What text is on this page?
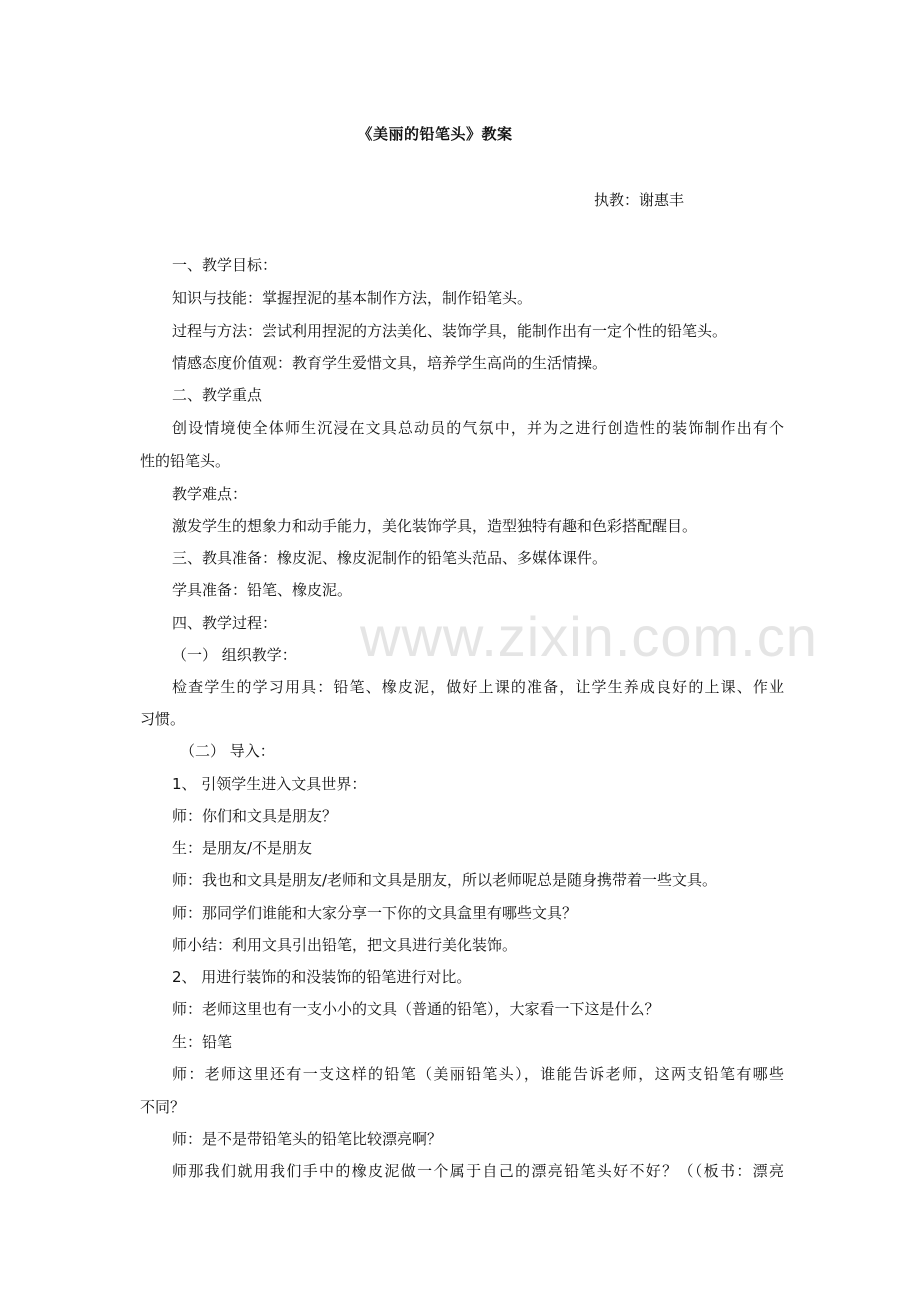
《美丽的铅笔头》教案
执教：谢惠丰
一、教学目标：
知识与技能：掌握捏泥的基本制作方法，制作铅笔头。
过程与方法：尝试利用捏泥的方法美化、装饰学具，能制作出有一定个性的铅笔头。
情感态度价值观：教育学生爱惜文具，培养学生高尚的生活情操。
二、教学重点
创设情境使全体师生沉浸在文具总动员的气氛中，并为之进行创造性的装饰制作出有个
性的铅笔头。
教学难点：
激发学生的想象力和动手能力，美化装饰学具，造型独特有趣和色彩搭配醒目。
三、教具准备：橡皮泥、橡皮泥制作的铅笔头范品、多媒体课件。
学具准备：铅笔、橡皮泥。
四、教学过程：
（一） 组织教学：
检查学生的学习用具：铅笔、橡皮泥，做好上课的准备，让学生养成良好的上课、作业
习惯。
（二） 导入：
1、 引领学生进入文具世界：
师：你们和文具是朋友？
生：是朋友/不是朋友
师：我也和文具是朋友/老师和文具是朋友，所以老师呢总是随身携带着一些文具。
师：那同学们谁能和大家分享一下你的文具盒里有哪些文具？
师小结：利用文具引出铅笔，把文具进行美化装饰。
2、 用进行装饰的和没装饰的铅笔进行对比。
师：老师这里也有一支小小的文具（普通的铅笔），大家看一下这是什么？
生：铅笔
师：老师这里还有一支这样的铅笔（美丽铅笔头），谁能告诉老师，这两支铅笔有哪些
不同？
师：是不是带铅笔头的铅笔比较漂亮啊？
师那我们就用我们手中的橡皮泥做一个属于自己的漂亮铅笔头好不好？（（板书：漂亮
www.zixin.com.cn
